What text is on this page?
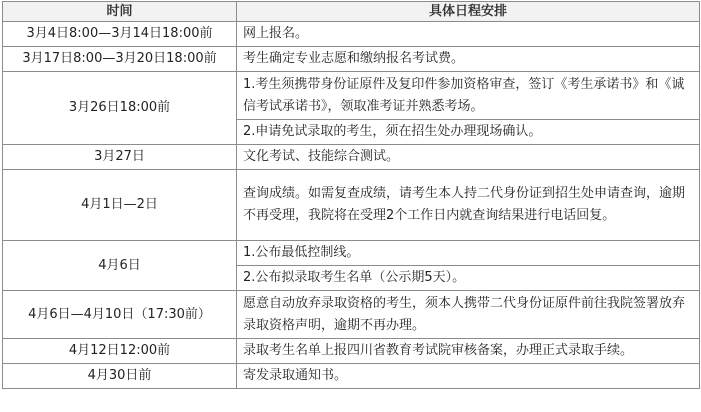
时间	具体日程安排
3月4日8:00—3月14日18:00前	网上报名。
3月17日8:00—3月20日18:00前	考生确定专业志愿和缴纳报名考试费。
3月26日18:00前	1.考生须携带身份证原件及复印件参加资格审查，签订《考生承诺书》和《诚信考试承诺书》，领取准考证并熟悉考场。
	2.申请免试录取的考生，须在招生处办理现场确认。
3月27日	文化考试、技能综合测试。
4月1日—2日	查询成绩。如需复查成绩，请考生本人持二代身份证到招生处申请查询，逾期不再受理，我院将在受理2个工作日内就查询结果进行电话回复。
4月6日	1.公布最低控制线。
	2.公布拟录取考生名单（公示期5天）。
4月6日—4月10日（17:30前）	愿意自动放弃录取资格的考生，须本人携带二代身份证原件前往我院签署放弃录取资格声明，逾期不再办理。
4月12日12:00前	录取考生名单上报四川省教育考试院审核备案，办理正式录取手续。
4月30日前	寄发录取通知书。
